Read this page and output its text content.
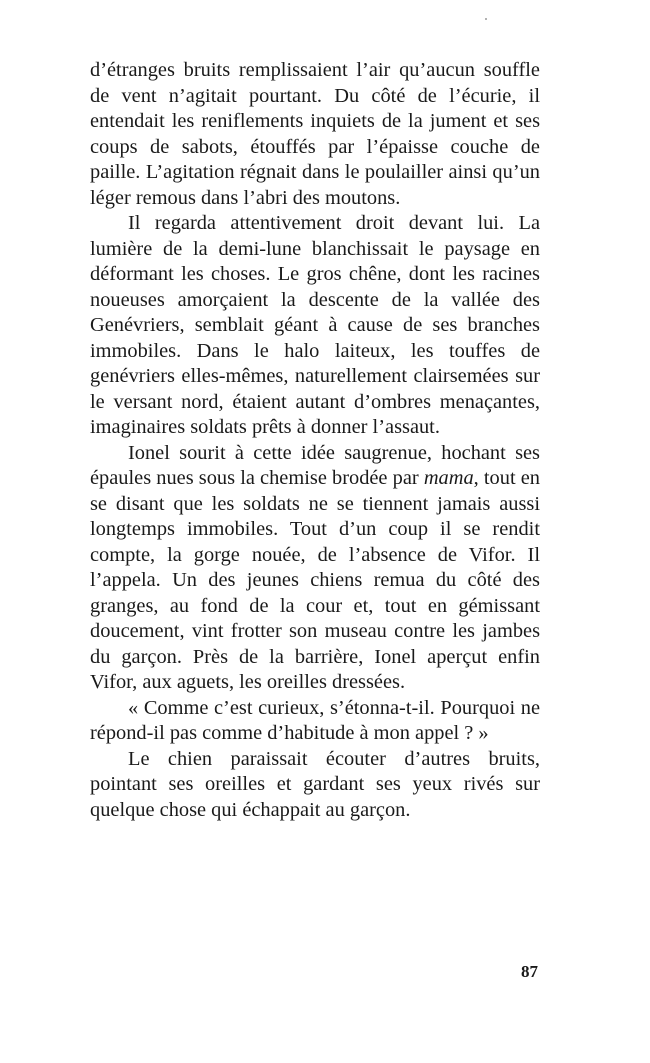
d’étranges bruits remplissaient l’air qu’aucun souffle de vent n’agitait pourtant. Du côté de l’écurie, il entendait les reniflements inquiets de la jument et ses coups de sabots, étouffés par l’épaisse couche de paille. L’agitation régnait dans le poulailler ainsi qu’un léger remous dans l’abri des moutons.

Il regarda attentivement droit devant lui. La lumière de la demi-lune blanchissait le paysage en déformant les choses. Le gros chêne, dont les racines noueuses amorçaient la descente de la vallée des Genévriers, semblait géant à cause de ses branches immobiles. Dans le halo laiteux, les touffes de genévriers elles-mêmes, naturellement clairsemées sur le versant nord, étaient autant d’ombres menaçantes, imaginaires soldats prêts à donner l’assaut.

Ionel sourit à cette idée saugrenue, hochant ses épaules nues sous la chemise brodée par mama, tout en se disant que les soldats ne se tiennent jamais aussi longtemps immobiles. Tout d’un coup il se rendit compte, la gorge nouée, de l’absence de Vifor. Il l’appela. Un des jeunes chiens remua du côté des granges, au fond de la cour et, tout en gémissant doucement, vint frotter son museau contre les jambes du garçon. Près de la barrière, Ionel aperçut enfin Vifor, aux aguets, les oreilles dressées.

« Comme c’est curieux, s’étonna-t-il. Pourquoi ne répond-il pas comme d’habitude à mon appel ? »

Le chien paraissait écouter d’autres bruits, pointant ses oreilles et gardant ses yeux rivés sur quelque chose qui échappait au garçon.

87
